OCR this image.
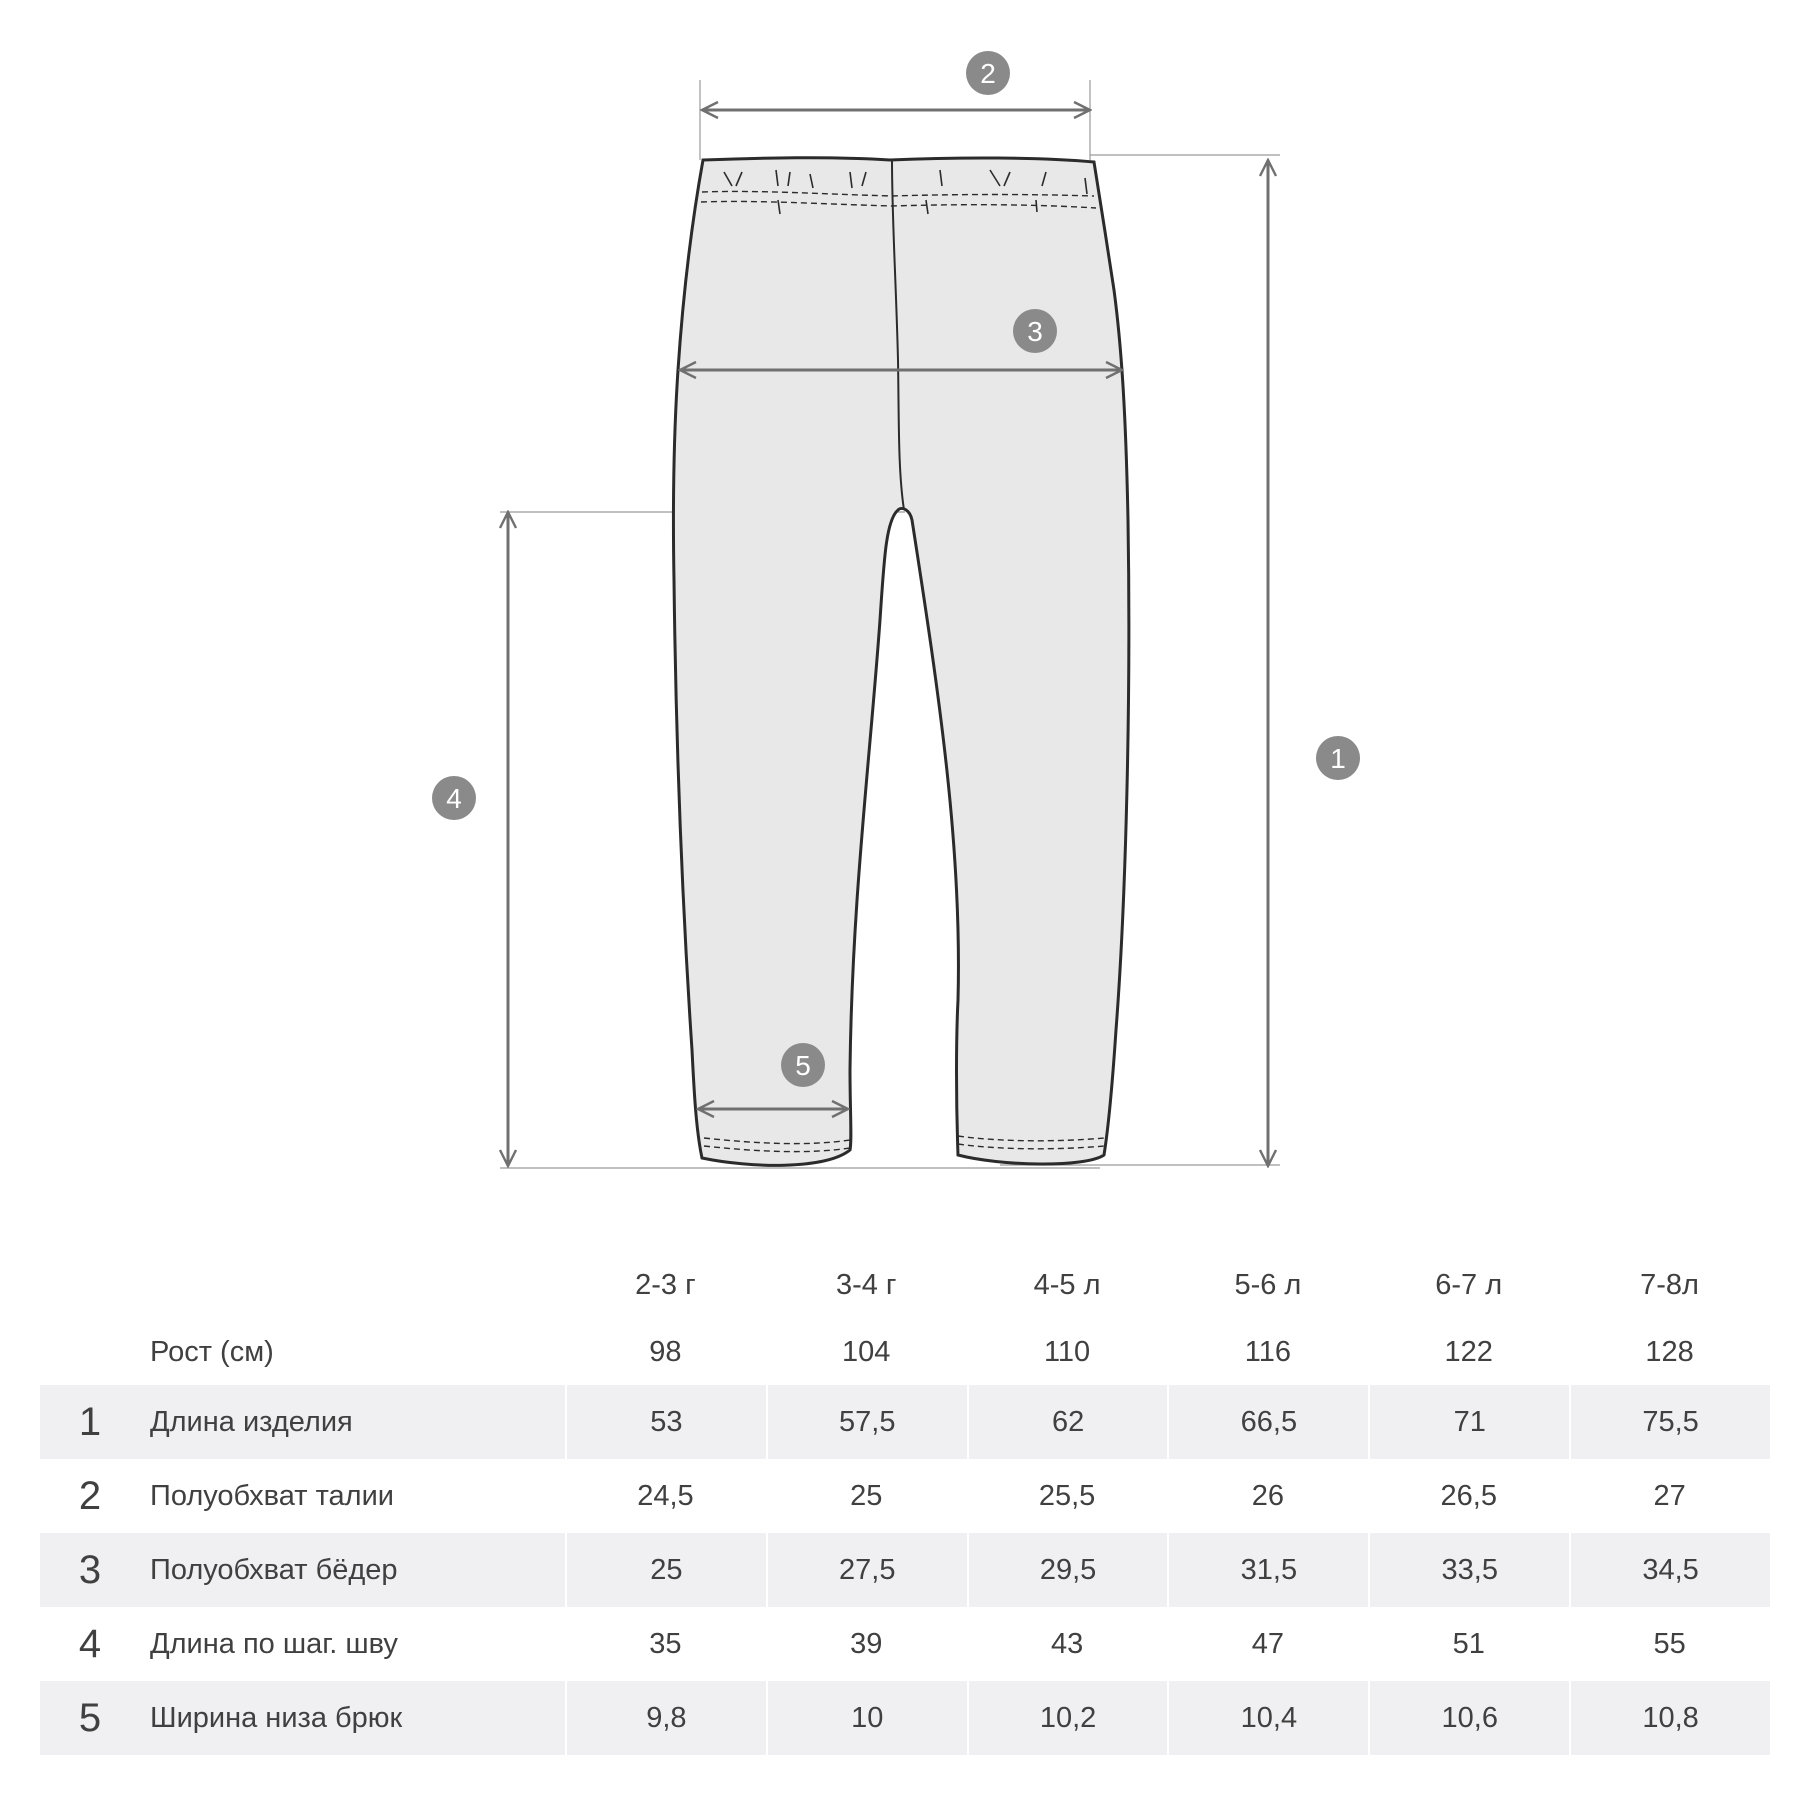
1
2
3
4
5
		2-3 г	3-4 г	4-5 л	5-6 л	6-7 л	7-8л
	Рост (см)	98	104	110	116	122	128
1	Длина изделия	53	57,5	62	66,5	71	75,5
2	Полуобхват талии	24,5	25	25,5	26	26,5	27
3	Полуобхват бёдер	25	27,5	29,5	31,5	33,5	34,5
4	Длина по шаг. шву	35	39	43	47	51	55
5	Ширина низа брюк	9,8	10	10,2	10,4	10,6	10,8
